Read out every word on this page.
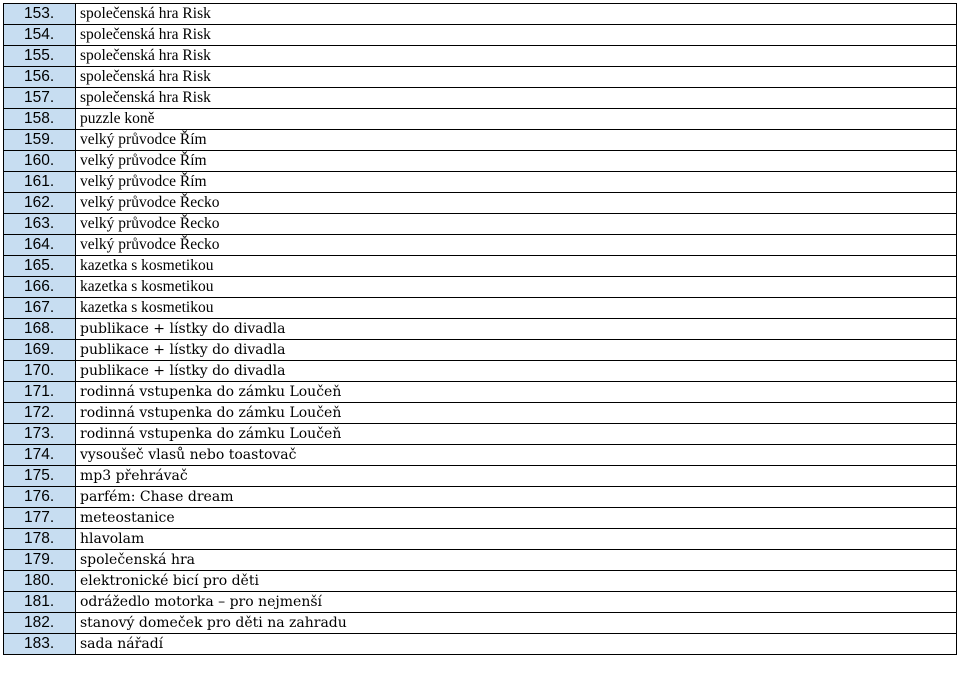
153.	společenská hra Risk
154.	společenská hra Risk
155.	společenská hra Risk
156.	společenská hra Risk
157.	společenská hra Risk
158.	puzzle koně
159.	velký průvodce Řím
160.	velký průvodce Řím
161.	velký průvodce Řím
162.	velký průvodce Řecko
163.	velký průvodce Řecko
164.	velký průvodce Řecko
165.	kazetka s kosmetikou
166.	kazetka s kosmetikou
167.	kazetka s kosmetikou
168.	publikace + lístky do divadla
169.	publikace + lístky do divadla
170.	publikace + lístky do divadla
171.	rodinná vstupenka do zámku Loučeň
172.	rodinná vstupenka do zámku Loučeň
173.	rodinná vstupenka do zámku Loučeň
174.	vysoušeč vlasů nebo toastovač
175.	mp3 přehrávač
176.	parfém: Chase dream
177.	meteostanice
178.	hlavolam
179.	společenská hra
180.	elektronické bicí pro děti
181.	odrážedlo motorka – pro nejmenší
182.	stanový domeček pro děti na zahradu
183.	sada nářadí
